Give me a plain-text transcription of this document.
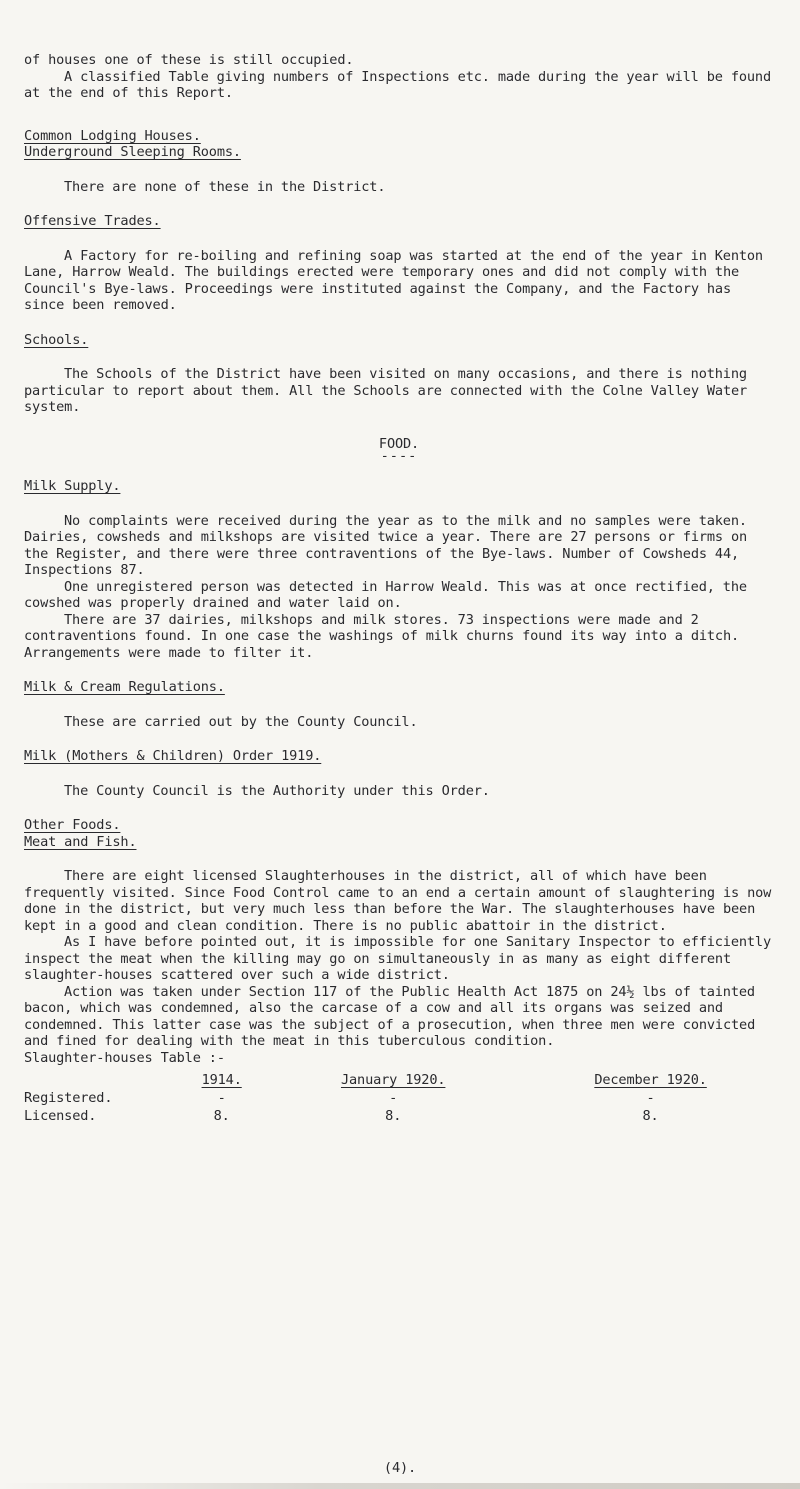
of houses one of these is still occupied.

A classified Table giving numbers of Inspections etc. made during the year will be found at the end of this Report.

Common Lodging Houses.

Underground Sleeping Rooms.

There are none of these in the District.

Offensive Trades.

A Factory for re-boiling and refining soap was started at the end of the year in Kenton Lane, Harrow Weald. The buildings erected were temporary ones and did not comply with the Council's Bye-laws. Proceedings were instituted against the Company, and the Factory has since been removed.

Schools.

The Schools of the District have been visited on many occasions, and there is nothing particular to report about them. All the Schools are connected with the Colne Valley Water system.

FOOD.

----

Milk Supply.

No complaints were received during the year as to the milk and no samples were taken. Dairies, cowsheds and milkshops are visited twice a year. There are 27 persons or firms on the Register, and there were three contraventions of the Bye-laws. Number of Cowsheds 44, Inspections 87.

One unregistered person was detected in Harrow Weald. This was at once rectified, the cowshed was properly drained and water laid on.

There are 37 dairies, milkshops and milk stores. 73 inspections were made and 2 contraventions found. In one case the washings of milk churns found its way into a ditch. Arrangements were made to filter it.

Milk & Cream Regulations.

These are carried out by the County Council.

Milk (Mothers & Children) Order 1919.

The County Council is the Authority under this Order.

Other Foods.

Meat and Fish.

There are eight licensed Slaughterhouses in the district, all of which have been frequently visited. Since Food Control came to an end a certain amount of slaughtering is now done in the district, but very much less than before the War. The slaughterhouses have been kept in a good and clean condition. There is no public abattoir in the district.

As I have before pointed out, it is impossible for one Sanitary Inspector to efficiently inspect the meat when the killing may go on simultaneously in as many as eight different slaughter-houses scattered over such a wide district.

Action was taken under Section 117 of the Public Health Act 1875 on 24½ lbs of tainted bacon, which was condemned, also the carcase of a cow and all its organs was seized and condemned. This latter case was the subject of a prosecution, when three men were convicted and fined for dealing with the meat in this tuberculous condition.

Slaughter-houses Table :-

	1914.	January 1920.	December 1920.
Registered.	-	-	-
Licensed.	8.	8.	8.
(4).
